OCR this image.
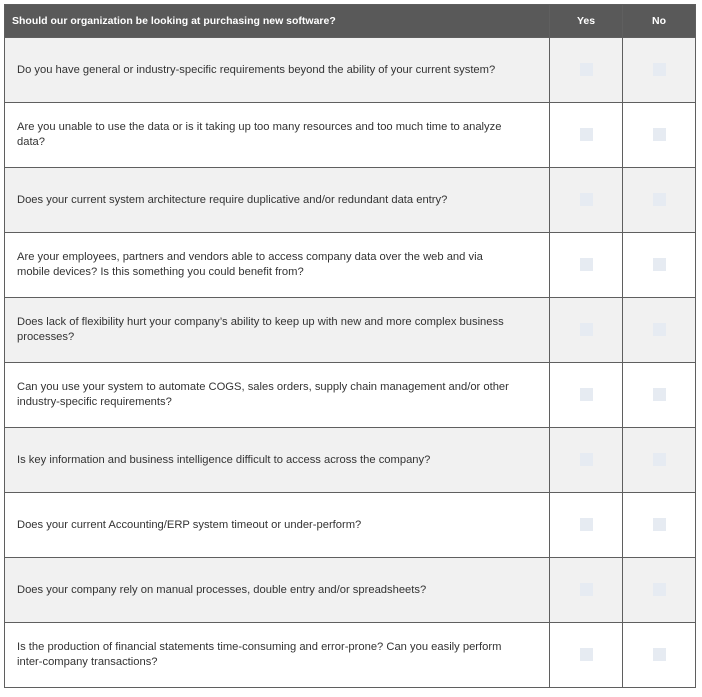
Should our organization be looking at purchasing new software?	Yes	No
Do you have general or industry-specific requirements beyond the ability of your current system?		
Are you unable to use the data or is it taking up too many resources and too much time to analyze data?		
Does your current system architecture require duplicative and/or redundant data entry?		
Are your employees, partners and vendors able to access company data over the web and via mobile devices? Is this something you could benefit from?		
Does lack of flexibility hurt your company’s ability to keep up with new and more complex business processes?		
Can you use your system to automate COGS, sales orders, supply chain management and/or other industry-specific requirements?		
Is key information and business intelligence difficult to access across the company?		
Does your current Accounting/ERP system timeout or under-perform?		
Does your company rely on manual processes, double entry and/or spreadsheets?		
Is the production of financial statements time-consuming and error-prone? Can you easily perform inter-company transactions?		
